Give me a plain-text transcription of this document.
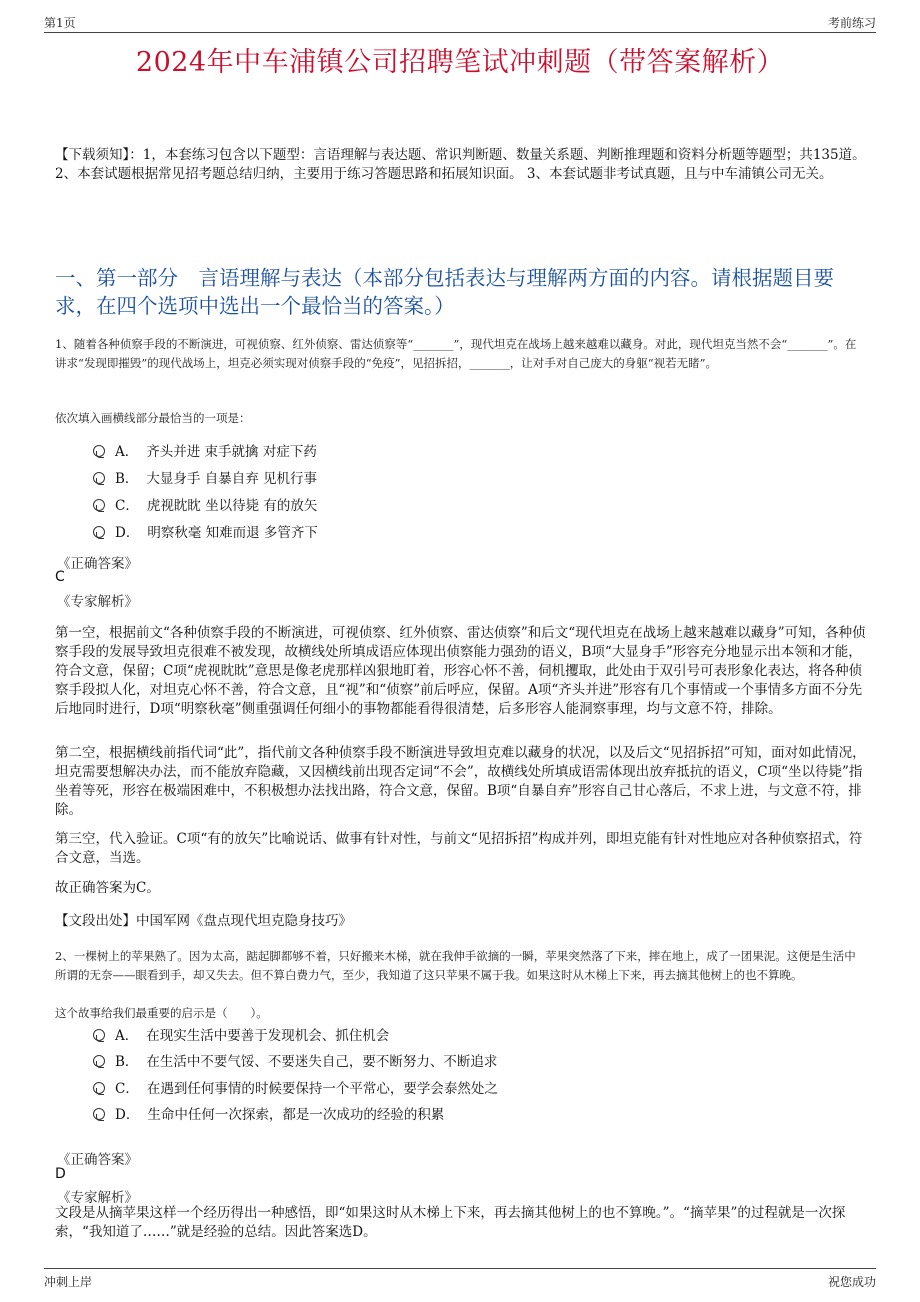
第1页	考前练习
2024年中车浦镇公司招聘笔试冲刺题（带答案解析）
【下载须知】：1，本套练习包含以下题型：言语理解与表达题、常识判断题、数量关系题、判断推理题和资料分析题等题型；共135道。 2、本套试题根据常见招考题总结归纳，主要用于练习答题思路和拓展知识面。 3、本套试题非考试真题，且与中车浦镇公司无关。
一、第一部分　言语理解与表达（本部分包括表达与理解两方面的内容。请根据题目要求，在四个选项中选出一个最恰当的答案。）
1、随着各种侦察手段的不断演进，可视侦察、红外侦察、雷达侦察等“_______”，现代坦克在战场上越来越难以藏身。对此，现代坦克当然不会“_______”。在讲求“发现即摧毁”的现代战场上，坦克必须实现对侦察手段的“免疫”，见招拆招，_______，让对手对自己庞大的身躯“视若无睹”。
依次填入画横线部分最恰当的一项是：
A． 齐头并进 束手就擒 对症下药
B． 大显身手 自暴自弃 见机行事
C． 虎视眈眈 坐以待毙 有的放矢
D． 明察秋毫 知难而退 多管齐下
《正确答案》
C
《专家解析》
第一空，根据前文“各种侦察手段的不断演进，可视侦察、红外侦察、雷达侦察”和后文“现代坦克在战场上越来越难以藏身”可知，各种侦察手段的发展导致坦克很难不被发现，故横线处所填成语应体现出侦察能力强劲的语义，B项“大显身手”形容充分地显示出本领和才能，符合文意，保留；C项“虎视眈眈”意思是像老虎那样凶狠地盯着，形容心怀不善，伺机攫取，此处由于双引号可表形象化表达，将各种侦察手段拟人化，对坦克心怀不善，符合文意，且“视”和“侦察”前后呼应，保留。A项“齐头并进”形容有几个事情或一个事情多方面不分先后地同时进行，D项“明察秋毫”侧重强调任何细小的事物都能看得很清楚，后多形容人能洞察事理，均与文意不符，排除。
第二空，根据横线前指代词“此”，指代前文各种侦察手段不断演进导致坦克难以藏身的状况，以及后文“见招拆招”可知，面对如此情况，坦克需要想解决办法，而不能放弃隐藏，又因横线前出现否定词“不会”，故横线处所填成语需体现出放弃抵抗的语义，C项“坐以待毙”指坐着等死，形容在极端困难中，不积极想办法找出路，符合文意，保留。B项“自暴自弃”形容自己甘心落后，不求上进，与文意不符，排除。
第三空，代入验证。C项“有的放矢”比喻说话、做事有针对性，与前文“见招拆招”构成并列，即坦克能有针对性地应对各种侦察招式，符合文意，当选。
故正确答案为C。
【文段出处】中国军网《盘点现代坦克隐身技巧》
2、一棵树上的苹果熟了。因为太高，踮起脚都够不着，只好搬来木梯，就在我伸手欲摘的一瞬，苹果突然落了下来，摔在地上，成了一团果泥。这便是生活中所谓的无奈——眼看到手，却又失去。但不算白费力气，至少，我知道了这只苹果不属于我。如果这时从木梯上下来，再去摘其他树上的也不算晚。
这个故事给我们最重要的启示是（　　）。
A． 在现实生活中要善于发现机会、抓住机会
B． 在生活中不要气馁、不要迷失自己，要不断努力、不断追求
C． 在遇到任何事情的时候要保持一个平常心，要学会泰然处之
D． 生命中任何一次探索，都是一次成功的经验的积累
《正确答案》
D
《专家解析》
文段是从摘苹果这样一个经历得出一种感悟，即“如果这时从木梯上下来，再去摘其他树上的也不算晚。”。“摘苹果”的过程就是一次探索，“我知道了……”就是经验的总结。因此答案选D。
冲刺上岸	祝您成功
